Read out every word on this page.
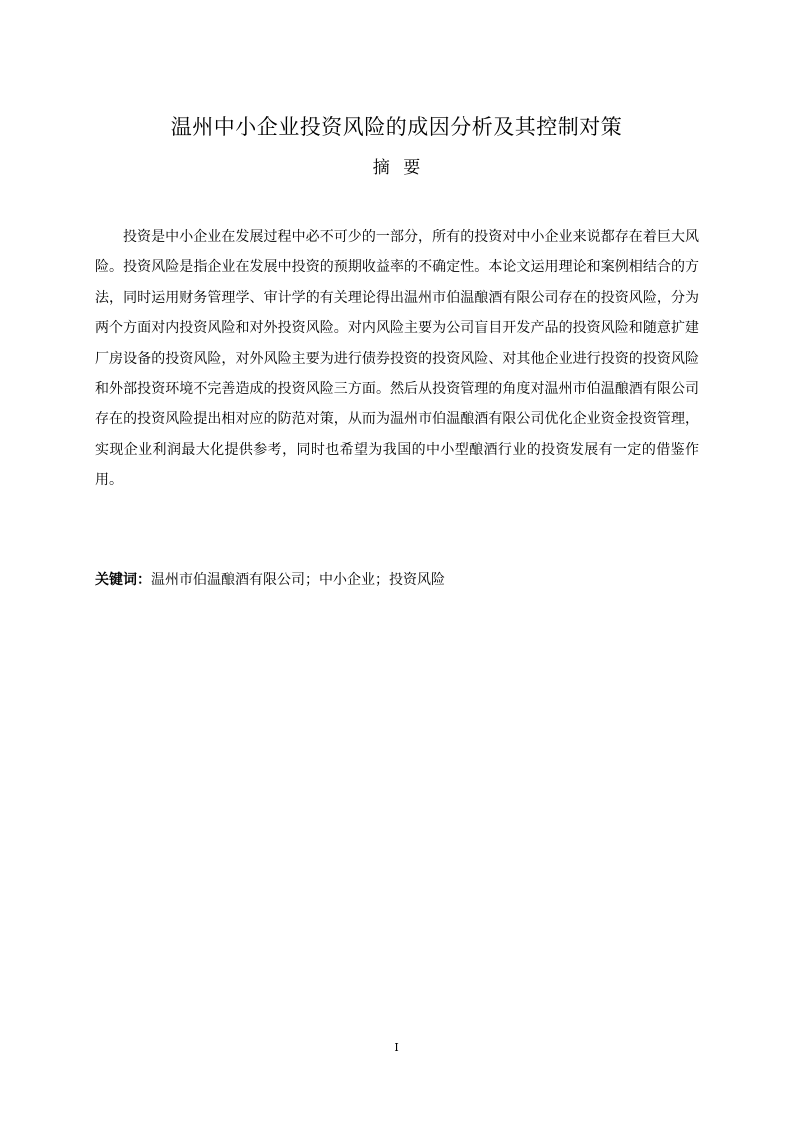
温州中小企业投资风险的成因分析及其控制对策
摘 要

投资是中小企业在发展过程中必不可少的一部分，所有的投资对中小企业来说都存在着巨大风险。投资风险是指企业在发展中投资的预期收益率的不确定性。本论文运用理论和案例相结合的方法，同时运用财务管理学、审计学的有关理论得出温州市伯温酿酒有限公司存在的投资风险，分为两个方面对内投资风险和对外投资风险。对内风险主要为公司盲目开发产品的投资风险和随意扩建厂房设备的投资风险，对外风险主要为进行债券投资的投资风险、对其他企业进行投资的投资风险和外部投资环境不完善造成的投资风险三方面。然后从投资管理的角度对温州市伯温酿酒有限公司存在的投资风险提出相对应的防范对策，从而为温州市伯温酿酒有限公司优化企业资金投资管理，实现企业利润最大化提供参考，同时也希望为我国的中小型酿酒行业的投资发展有一定的借鉴作用。

关键词：温州市伯温酿酒有限公司；中小企业；投资风险
I
